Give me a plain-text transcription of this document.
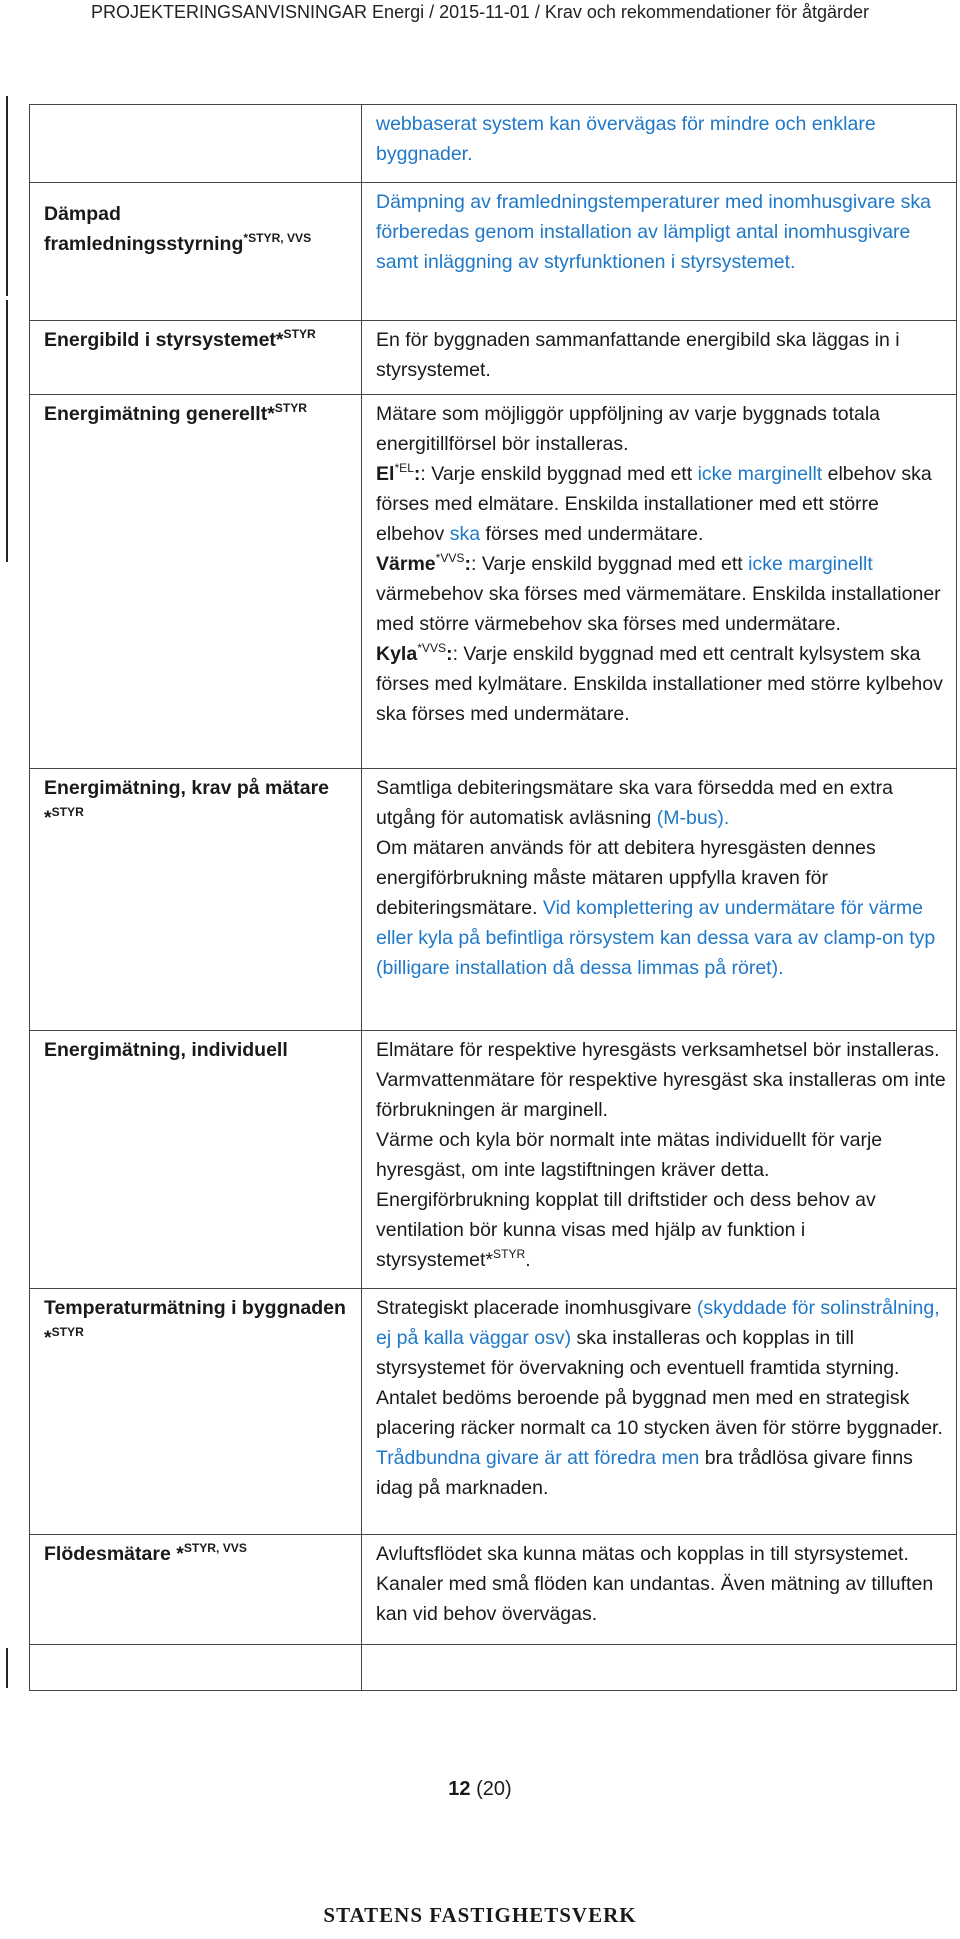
PROJEKTERINGSANVISNINGAR Energi / 2015-11-01 / Krav och rekommendationer för åtgärder
	webbaserat system kan övervägas för mindre och enklare byggnader.
Dämpad framledningsstyrning$^{*STYR, VVS}$	Dämpning av framledningstemperaturer med inomhusgivare ska förberedas genom installation av lämpligt antal inomhusgivare samt inläggning av styrfunktionen i styrsystemet.
Energibild i styrsystemet*$^{STYR}$	En för byggnaden sammanfattande energibild ska läggas in i styrsystemet.
Energimätning generellt*$^{STYR}$	Mätare som möjliggör uppföljning av varje byggnads totala energitillförsel bör installeras.
$El^{*EL}$:: Varje enskild byggnad med ett icke marginellt elbehov ska förses med elmätare. Enskilda installationer med ett större elbehov ska förses med undermätare.
Värme$^{*VVS}$:: Varje enskild byggnad med ett icke marginellt värmebehov ska förses med värmemätare. Enskilda installationer med större värmebehov ska förses med undermätare.
Kyla$^{*VVS}$:: Varje enskild byggnad med ett centralt kylsystem ska förses med kylmätare. Enskilda installationer med större kylbehov ska förses med undermätare.

Energimätning, krav på mätare *$^{STYR}$	Samtliga debiteringsmätare ska vara försedda med en extra utgång för automatisk avläsning (M-bus).
Om mätaren används för att debitera hyresgästen dennes energiförbrukning måste mätaren uppfylla kraven för debiteringsmätare. Vid komplettering av undermätare för värme eller kyla på befintliga rörsystem kan dessa vara av clamp-on typ (billigare installation då dessa limmas på röret).

Energimätning, individuell	Elmätare för respektive hyresgästs verksamhetsel bör installeras. Varmvattenmätare för respektive hyresgäst ska installeras om inte förbrukningen är marginell.
Värme och kyla bör normalt inte mätas individuellt för varje hyresgäst, om inte lagstiftningen kräver detta.
Energiförbrukning kopplat till driftstider och dess behov av ventilation bör kunna visas med hjälp av funktion i styrsystemet*$^{STYR}$.

Temperaturmätning i byggnaden *$^{STYR}$	Strategiskt placerade inomhusgivare (skyddade för solinstrålning, ej på kalla väggar osv) ska installeras och kopplas in till styrsystemet för övervakning och eventuell framtida styrning. Antalet bedöms beroende på byggnad men med en strategisk placering räcker normalt ca 10 stycken även för större byggnader. Trådbundna givare är att föredra men bra trådlösa givare finns idag på marknaden.
Flödesmätare *$^{STYR, VVS}$	Avluftsflödet ska kunna mätas och kopplas in till styrsystemet. Kanaler med små flöden kan undantas. Även mätning av tilluften kan vid behov övervägas.

12 (20)
STATENS FASTIGHETSVERK
